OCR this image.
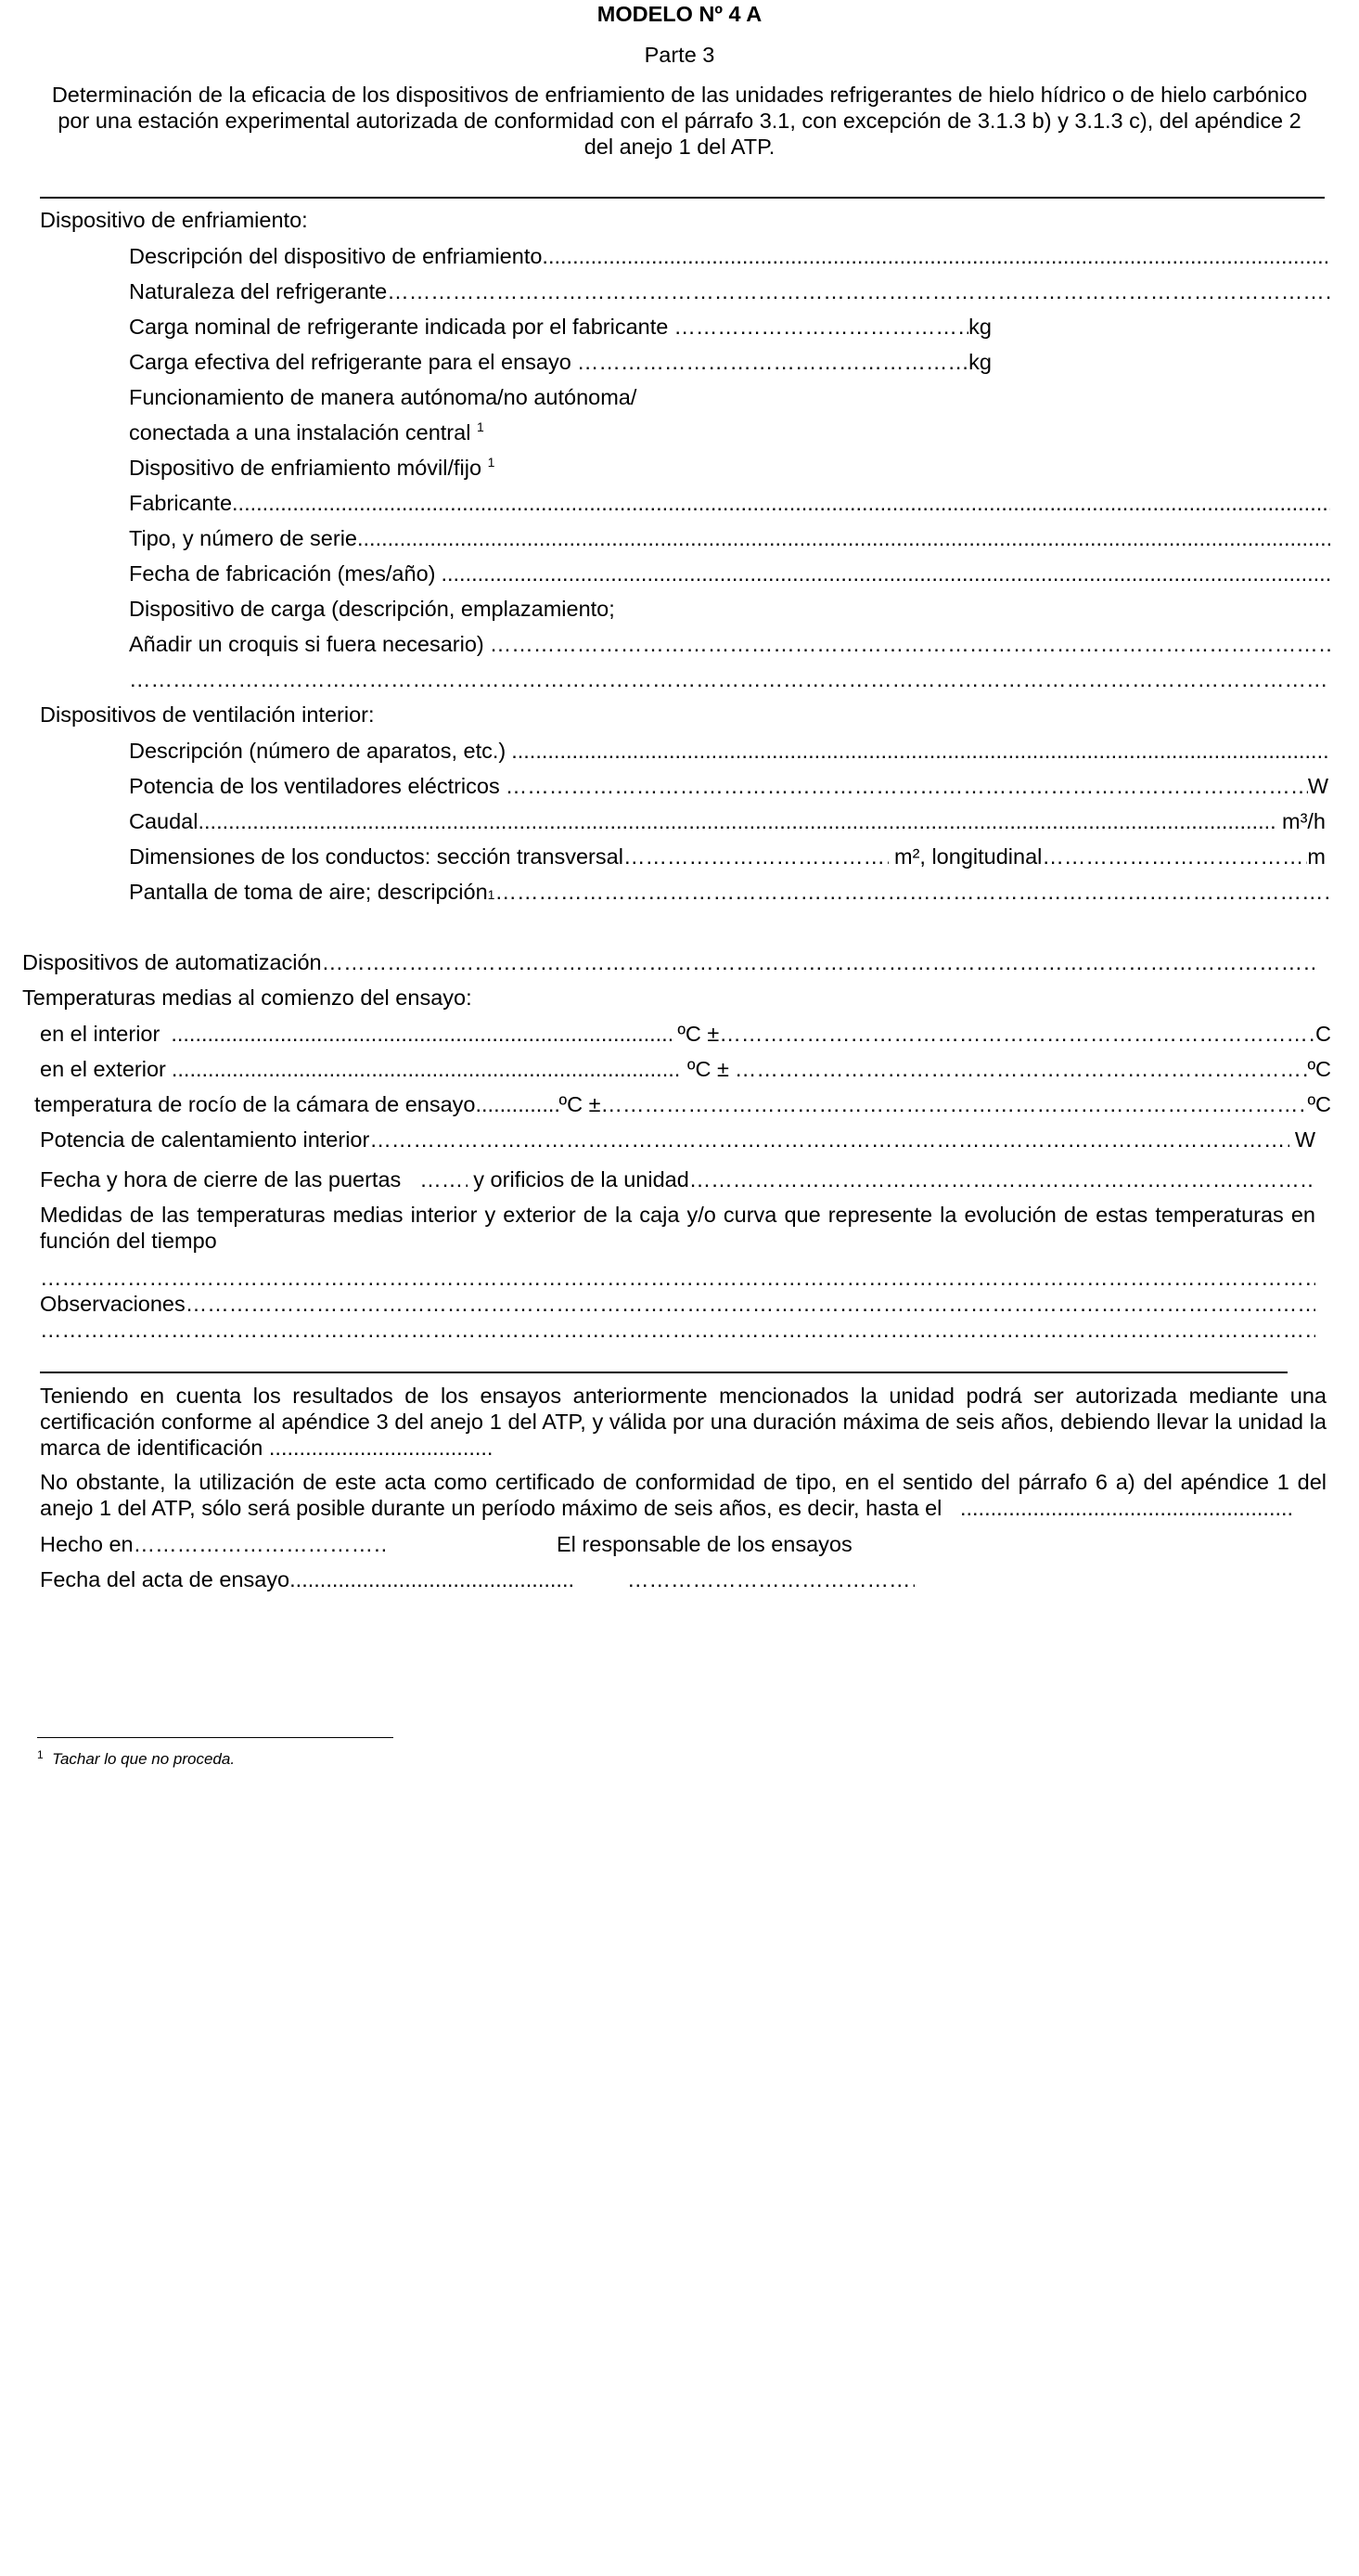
MODELO Nº 4 A
Parte 3
Determinación de la eficacia de los dispositivos de enfriamiento de las unidades refrigerantes de hielo hídrico o de hielo carbónico por una estación experimental autorizada de conformidad con el párrafo 3.1, con excepción de 3.1.3 b) y 3.1.3 c), del apéndice 2 del anejo 1 del ATP.
Dispositivo de enfriamiento:
Descripción del dispositivo de enfriamiento
.....
Naturaleza del refrigerante
……………………………………………………………………………………………………………………………………………………………………………………………………………………………………………………………………………………………………………………………………………………
Carga nominal de refrigerante indicada por el fabricante ……………………………………………………………………………………………………………………………………………………………………………………………………………………………………………………………………………………………………………………………………………………	kg
Carga efectiva del refrigerante para el ensayo ……………………………………………………………………………………………………………………………………………………………………………………………………………………………………………………………………………………………………………………………………………………	kg
Funcionamiento de manera autónoma/no autónoma/
conectada a una instalación central $^1$
Dispositivo de enfriamiento móvil/fijo $^1$
Fabricante
.....
Tipo, y número de serie
.....
Fecha de fabricación (mes/año)
.....
Dispositivo de carga (descripción, emplazamiento;
Añadir un croquis si fuera necesario)
……………………………………………………………………………………………………………………………………………………………………………………………………………………………………………………………………………………………………………………………………………………
……………………………………………………………………………………………………………………………………………………………………………………………………………………………………………………………………………………………………………………………………………………
Dispositivos de ventilación interior:
Descripción (número de aparatos, etc.)
.....
Potencia de los ventiladores eléctricos ……………………………………………………………………………………………………………………………………………………………………………………………………………………………………………………………………………………………………………………………………………………	W
Caudal .....	m³/h
Dimensiones de los conductos: sección transversal ……………………………………………………………………………………………………………………………………………………………………………………………………………………………………………………………………………………………………………………………………………………	m², longitudinal ……………………………………………………………………………………………………………………………………………………………………………………………………………………………………………………………………………………………………………………………………………………	m
Pantalla de toma de aire; descripción 1
……………………………………………………………………………………………………………………………………………………………………………………………………………………………………………………………………………………………………………………………………………………
Dispositivos de automatización
……………………………………………………………………………………………………………………………………………………………………………………………………………………………………………………………………………………………………………………………………………………
Temperaturas medias al comienzo del ensayo:
en el interior .....	ºC ± ……………………………………………………………………………………………………………………………………………………………………………………………………………………………………………………………………………………………………………………………………………………	C
en el exterior .....	ºC ± ……………………………………………………………………………………………………………………………………………………………………………………………………………………………………………………………………………………………………………………………………………………	ºC
temperatura de rocío de la cámara de ensayo .....	ºC ± ……………………………………………………………………………………………………………………………………………………………………………………………………………………………………………………………………………………………………………………………………………………	ºC
Potencia de calentamiento interior ……………………………………………………………………………………………………………………………………………………………………………………………………………………………………………………………………………………………………………………………………………………	W
Fecha y hora de cierre de las puertas ……………………………………………………………………………………………………………………………………………………………………………………………………………………………………………………………………………………………………………………………………………………	y orificios de la unidad
……………………………………………………………………………………………………………………………………………………………………………………………………………………………………………………………………………………………………………………………………………………
Medidas de las temperaturas medias interior y exterior de la caja y/o curva que represente la evolución de estas temperaturas en función del tiempo
……………………………………………………………………………………………………………………………………………………………………………………………………………………………………………………………………………………………………………………………………………………
Observaciones
……………………………………………………………………………………………………………………………………………………………………………………………………………………………………………………………………………………………………………………………………………………
……………………………………………………………………………………………………………………………………………………………………………………………………………………………………………………………………………………………………………………………………………………
Teniendo en cuenta los resultados de los ensayos anteriormente mencionados la unidad podrá ser autorizada mediante una certificación conforme al apéndice 3 del anejo 1 del ATP, y válida por una duración máxima de seis años, debiendo llevar la unidad la marca de identificación .....................................
No obstante, la utilización de este acta como certificado de conformidad de tipo, en el sentido del párrafo 6 a) del apéndice 1 del anejo 1 del ATP, sólo será posible durante un período máximo de seis años, es decir, hasta el .......................................................
Hecho en ……………………………………………………………………………………………………………………………………………………………………………………………………………………………………………………………………………………………………………………………………………………	El responsable de los ensayos
Fecha del acta de ensayo
.....
……………………………………………………………………………………………………………………………………………………………………………………………………………………………………………………………………………………………………………………………………………………
$^1$ Tachar lo que no proceda.
